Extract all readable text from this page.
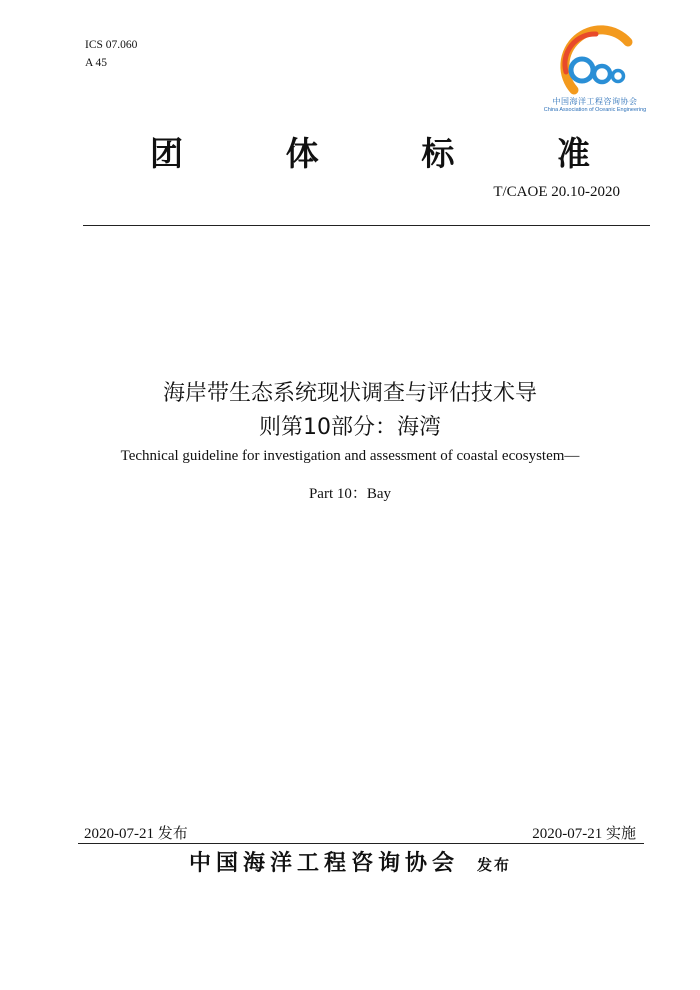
ICS 07.060
A 45
中国海洋工程咨询协会
China Association of Oceanic Engineering
团	体	标	准
T/CAOE 20.10-2020
海岸带生态系统现状调查与评估技术导
则第10部分：海湾
Technical guideline for investigation and assessment of coastal ecosystem—
Part 10：Bay
2020-07-21 发布	2020-07-21 实施
中国海洋工程咨询协会 发布
